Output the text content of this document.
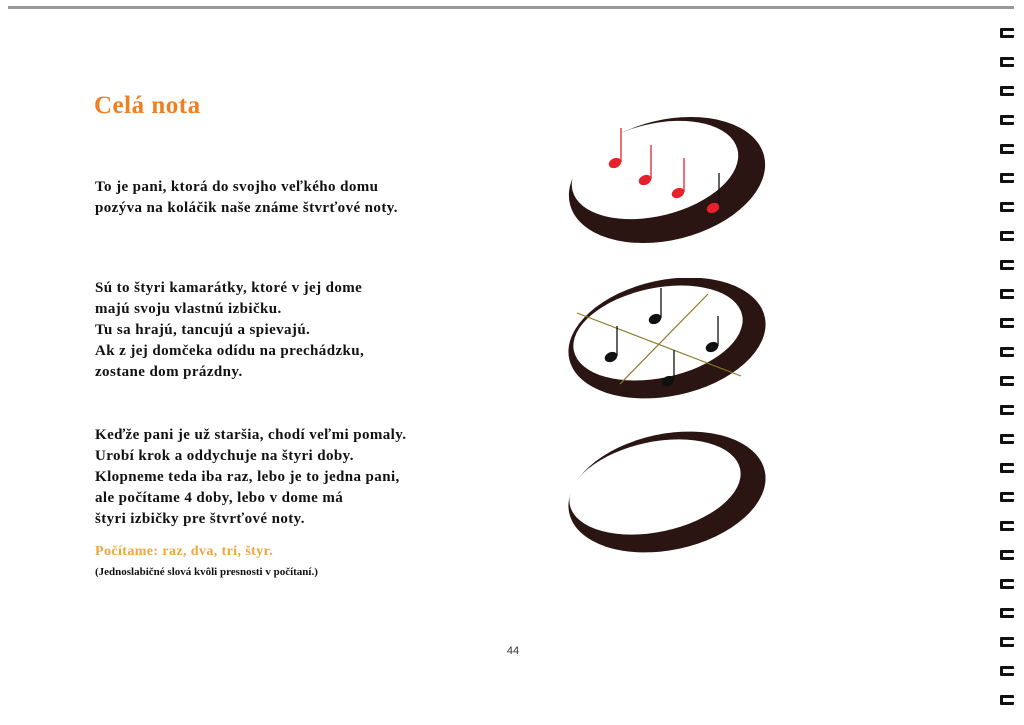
Celá nota

To je pani, ktorá do svojho veľkého domu
pozýva na koláčik naše známe štvrťové noty.

Sú to štyri kamarátky, ktoré v jej dome
majú svoju vlastnú izbičku.
Tu sa hrajú, tancujú a spievajú.
Ak z jej domčeka odídu na prechádzku,
zostane dom prázdny.

Keďže pani je už staršia, chodí veľmi pomaly.
Urobí krok a oddychuje na štyri doby.
Klopneme teda iba raz, lebo je to jedna pani,
ale počítame 4 doby, lebo v dome má
štyri izbičky pre štvrťové noty.

Počítame: raz, dva, tri, štyr.

(Jednoslabičné slová kvôli presnosti v počítaní.)

44
